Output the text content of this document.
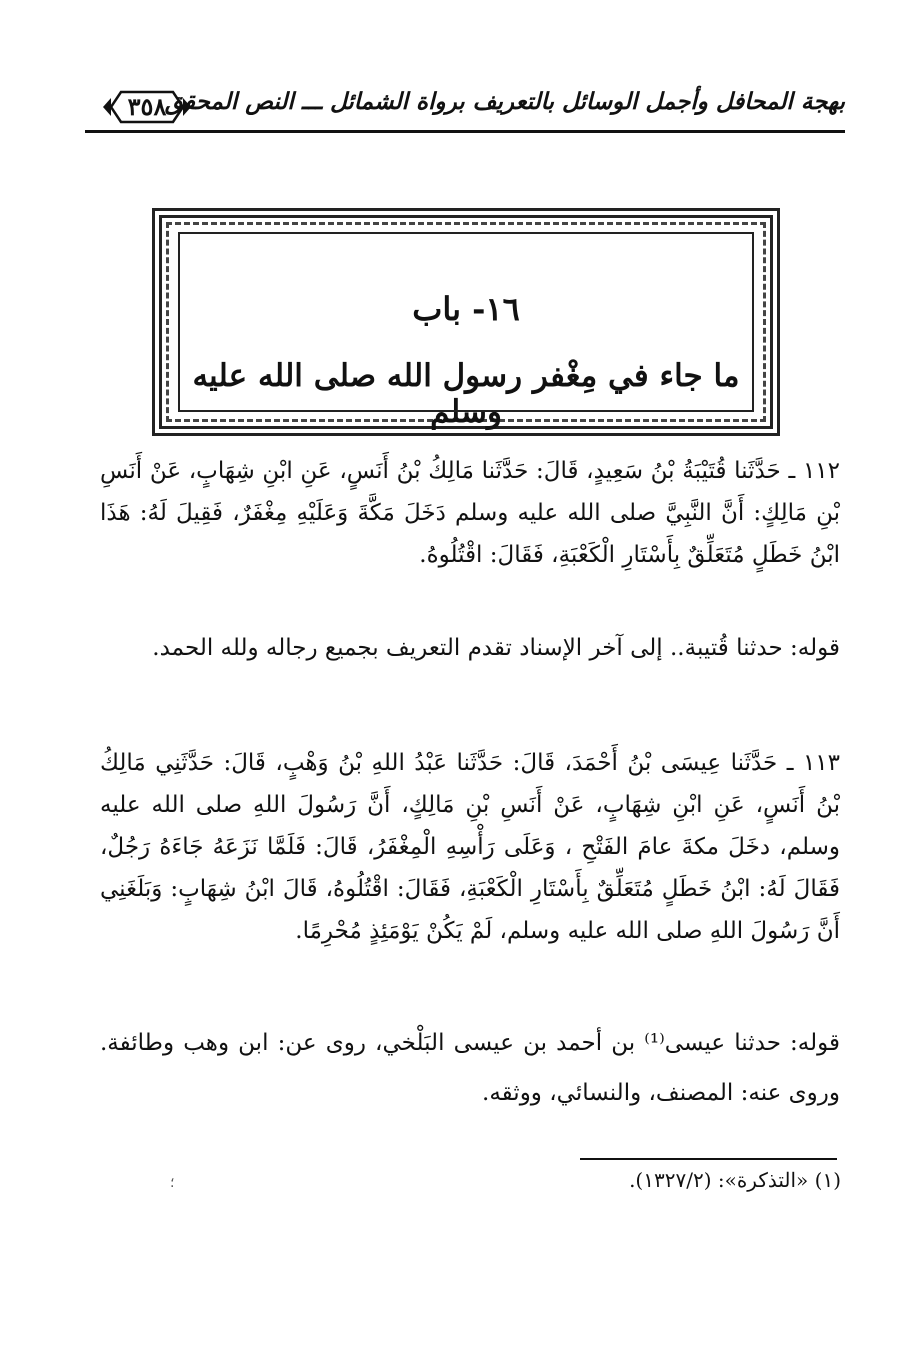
٣٥٨
بهجة المحافل وأجمل الوسائل بالتعريف برواة الشمائل ـــ النص المحقق
١٦- باب
ما جاء في مِغْفر رسول الله صلى الله عليه وسلم
١١٢ ـ حَدَّثَنا قُتَيْبَةُ بْنُ سَعِيدٍ، قَالَ: حَدَّثَنا مَالِكُ بْنُ أَنَسٍ، عَنِ ابْنِ شِهَابٍ، عَنْ أَنَسِ بْنِ مَالِكٍ: أَنَّ النَّبِيَّ صلى الله عليه وسلم دَخَلَ مَكَّةَ وَعَلَيْهِ مِغْفَرٌ، فَقِيلَ لَهُ: هَذَا ابْنُ خَطَلٍ مُتَعَلِّقٌ بِأَسْتَارِ الْكَعْبَةِ، فَقَالَ: اقْتُلُوهُ.
قوله: حدثنا قُتيبة.. إلى آخر الإسناد تقدم التعريف بجميع رجاله ولله الحمد.
١١٣ ـ حَدَّثَنا عِيسَى بْنُ أَحْمَدَ، قَالَ: حَدَّثَنا عَبْدُ اللهِ بْنُ وَهْبٍ، قَالَ: حَدَّثَنِي مَالِكُ بْنُ أَنَسٍ، عَنِ ابْنِ شِهَابٍ، عَنْ أَنَسِ بْنِ مَالِكٍ، أَنَّ رَسُولَ اللهِ صلى الله عليه وسلم، دخَلَ مكةَ عامَ الفَتْحِ ، وَعَلَى رَأْسِهِ الْمِغْفَرُ، قَالَ: فَلَمَّا نَزَعَهُ جَاءَهُ رَجُلٌ، فَقَالَ لَهُ: ابْنُ خَطَلٍ مُتَعَلِّقٌ بِأَسْتَارِ الْكَعْبَةِ، فَقَالَ: اقْتُلُوهُ، قَالَ ابْنُ شِهَابٍ: وَبَلَغَنِي أَنَّ رَسُولَ اللهِ صلى الله عليه وسلم، لَمْ يَكُنْ يَوْمَئِذٍ مُحْرِمًا.
قوله: حدثنا عيسى⁽¹⁾ بن أحمد بن عيسى البَلْخي، روى عن: ابن وهب وطائفة. وروى عنه: المصنف، والنسائي، ووثقه.
(١) «التذكرة»: (١٣٢٧/٢).
؛
